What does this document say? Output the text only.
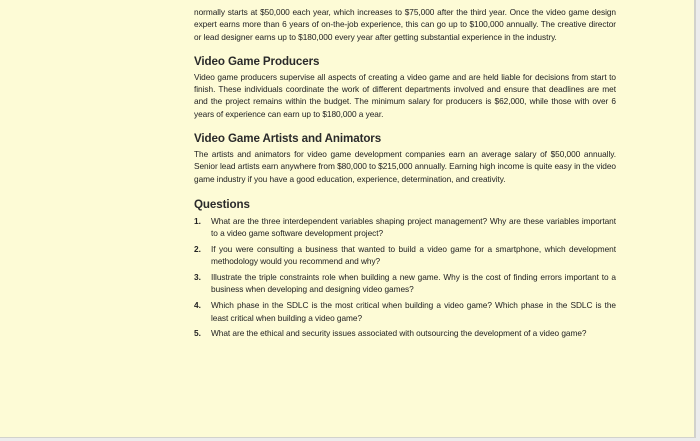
normally starts at $50,000 each year, which increases to $75,000 after the third year. Once the video game design expert earns more than 6 years of on-the-job experience, this can go up to $100,000 annually. The creative director or lead designer earns up to $180,000 every year after getting substantial experience in the industry.

Video Game Producers

Video game producers supervise all aspects of creating a video game and are held liable for decisions from start to finish. These individuals coordinate the work of different departments involved and ensure that deadlines are met and the project remains within the budget. The minimum salary for producers is $62,000, while those with over 6 years of experience can earn up to $180,000 a year.

Video Game Artists and Animators

The artists and animators for video game development companies earn an average salary of $50,000 annually. Senior lead artists earn anywhere from $80,000 to $215,000 annually. Earning high income is quite easy in the video game industry if you have a good education, experience, determination, and creativity.

Questions
1. What are the three interdependent variables shaping project management? Why are these variables important to a video game software development project?
2. If you were consulting a business that wanted to build a video game for a smartphone, which development methodology would you recommend and why?
3. Illustrate the triple constraints role when building a new game. Why is the cost of finding errors important to a business when developing and designing video games?
4. Which phase in the SDLC is the most critical when building a video game? Which phase in the SDLC is the least critical when building a video game?
5. What are the ethical and security issues associated with outsourcing the development of a video game?
